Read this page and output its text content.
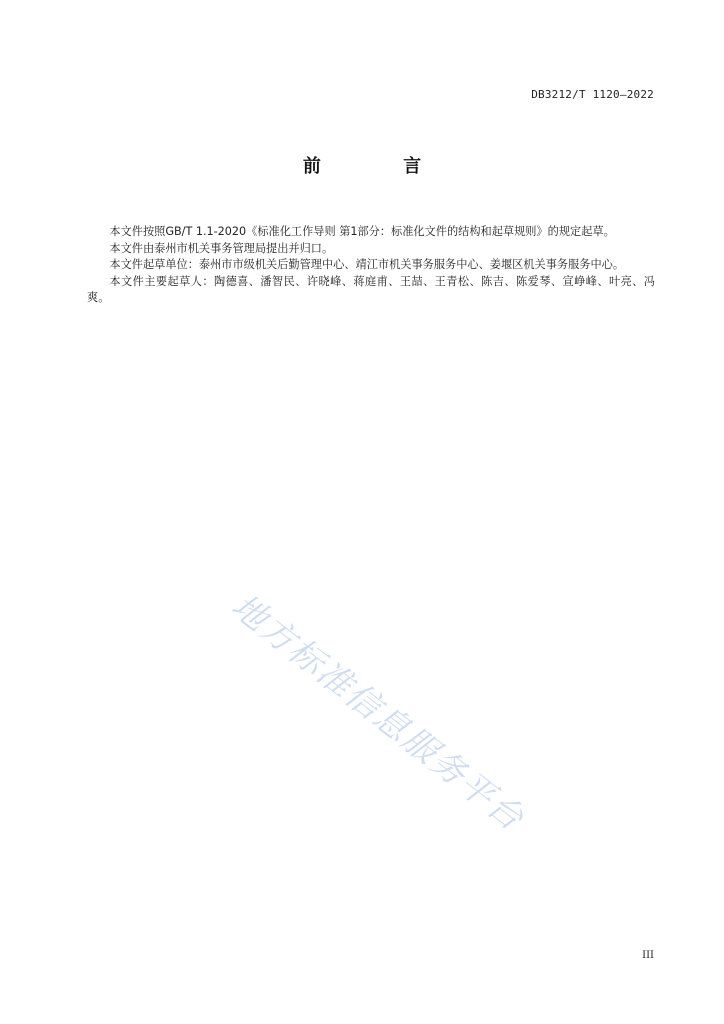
DB3212/T 1120—2022
前 言

本文件按照GB/T 1.1-2020《标准化工作导则 第1部分：标准化文件的结构和起草规则》的规定起草。

本文件由泰州市机关事务管理局提出并归口。

本文件起草单位：泰州市市级机关后勤管理中心、靖江市机关事务服务中心、姜堰区机关事务服务中心。

本文件主要起草人：陶德喜、潘智民、许晓峰、蒋庭甫、王喆、王青松、陈吉、陈爱琴、宣峥峰、叶亮、冯爽。

地方标准信息服务平台
III
